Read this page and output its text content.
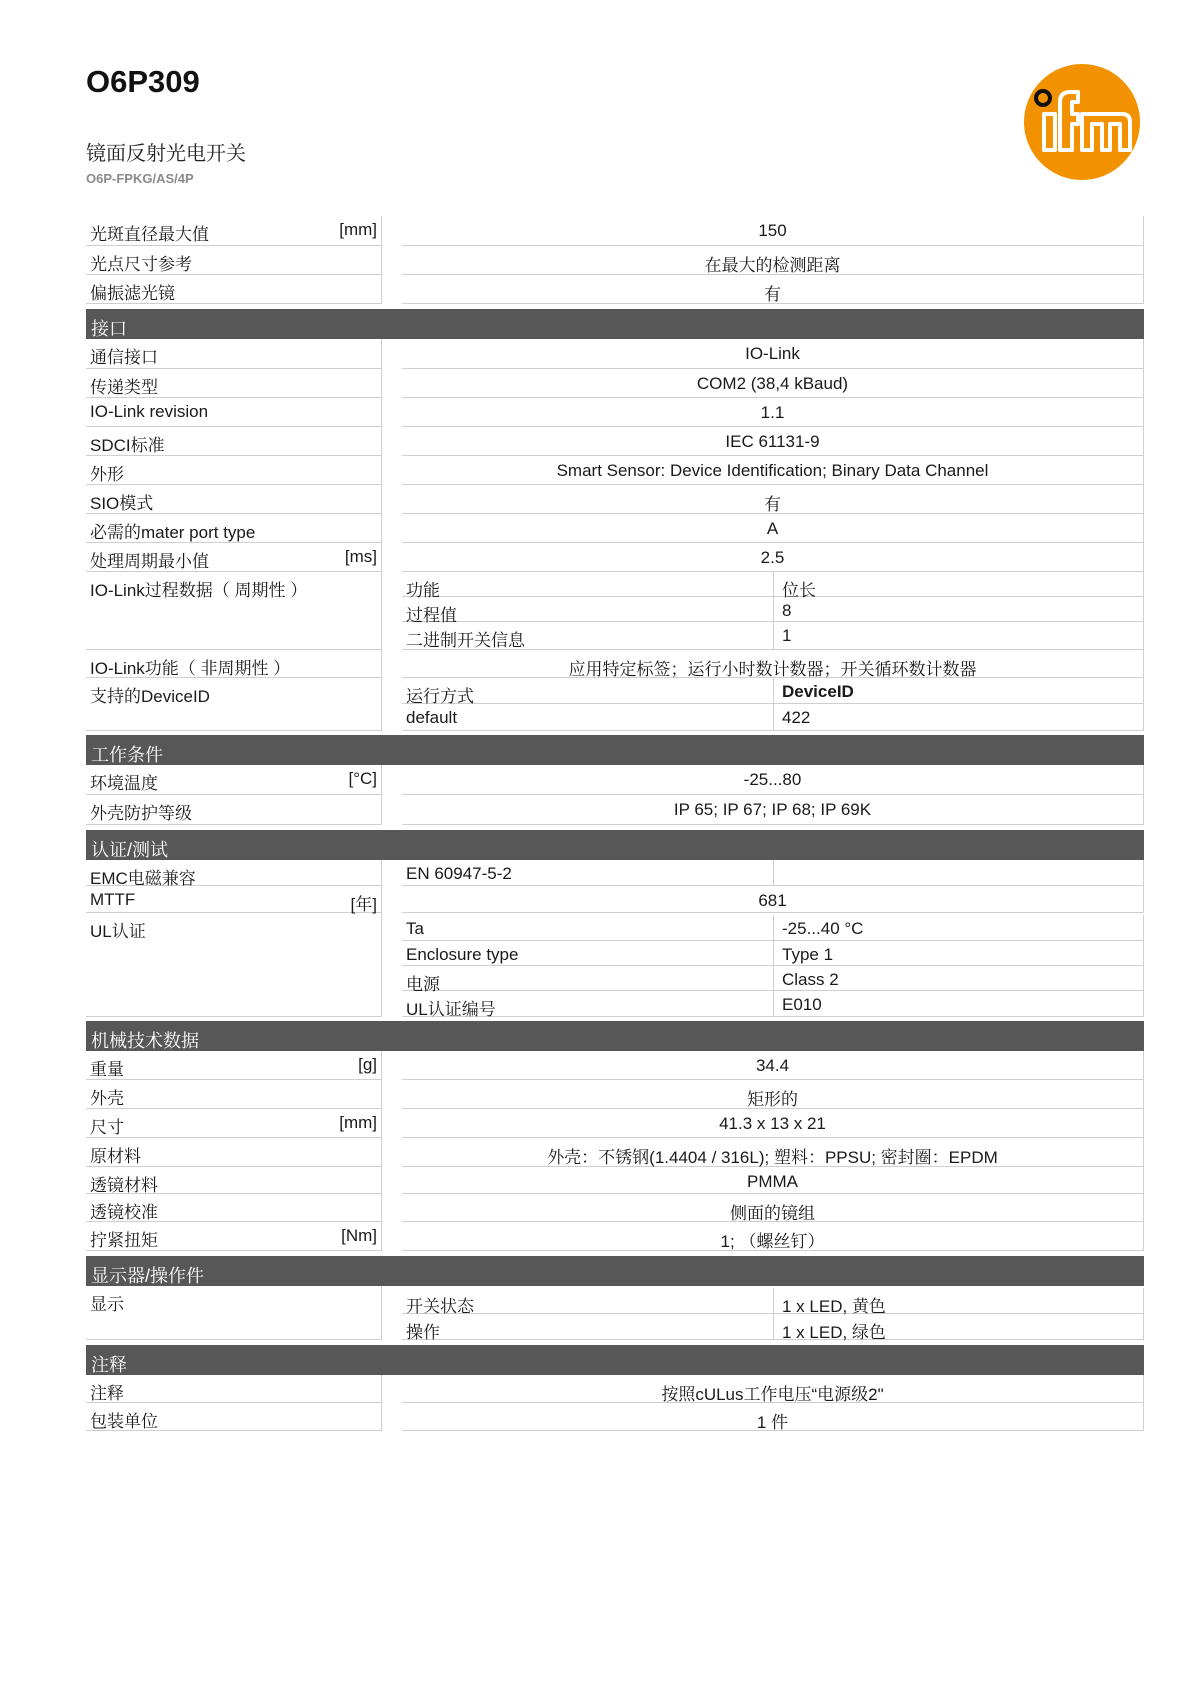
O6P309
镜面反射光电开关
O6P-FPKG/AS/4P	ifm
光斑直径最大值	[mm]	150
光点尺寸参考	在最大的检测距离
偏振滤光镜	有
接口
通信接口	IO-Link
传递类型	COM2 (38,4 kBaud)
IO-Link revision	1.1
SDCI标准	IEC 61131-9
外形	Smart Sensor: Device Identification; Binary Data Channel
SIO模式	有
必需的mater port type	A
处理周期最小值	[ms]	2.5
IO-Link过程数据（ 周期性 ）	功能	位长
过程值	8
二进制开关信息	1
IO-Link功能（ 非周期性 ）	应用特定标签；运行小时数计数器；开关循环数计数器
支持的DeviceID	运行方式	DeviceID
default	422
工作条件
环境温度	[°C]	-25...80
外壳防护等级	IP 65; IP 67; IP 68; IP 69K
认证/测试
EMC电磁兼容	EN 60947-5-2
MTTF	[年]	681
UL认证	Ta	-25...40 °C
Enclosure type	Type 1
电源	Class 2
UL认证编号	E010
机械技术数据
重量	[g]	34.4
外壳	矩形的
尺寸	[mm]	41.3 x 13 x 21
原材料	外壳：不锈钢(1.4404 / 316L); 塑料：PPSU; 密封圈：EPDM
透镜材料	PMMA
透镜校准	侧面的镜组
拧紧扭矩	[Nm]	1; （螺丝钉）
显示器/操作件
显示	开关状态	1 x LED, 黄色
操作	1 x LED, 绿色
注释
注释	按照cULus工作电压“电源级2"
包装单位	1 件
